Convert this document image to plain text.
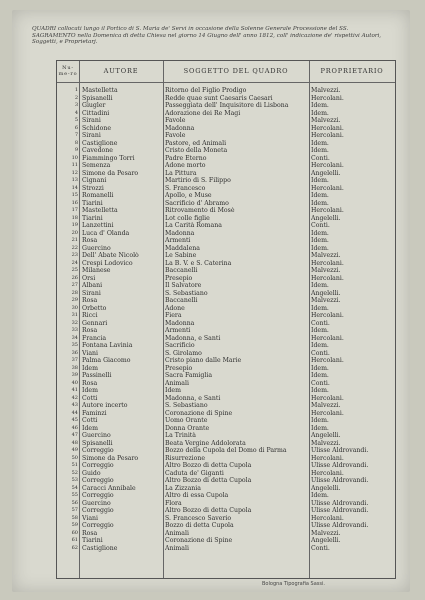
QUADRI collocati lungo il Portico di S. Maria de' Servi in occasione della Solenne Generale Processione del SS. SAGRAMENTO nella Domenica di detta Chiesa nel giorno 14 Giugno dell' anno 1812, coll' indicazione de' rispettivi Autori, Soggetti, e Proprietarj.

Nu-me-ro	AUTORE	SOGGETTO DEL QUADRO	PROPRIETARIO
1 Mastelletta	Ritorno del Figlio Prodigo	Malvezzi.
2 Spisanelli	Redde quae sunt Caesaris Caesari	Hercolani.
3 Giugler	Passeggiata dell' Inquisitore di Lisbona	Idem.
4 Cittadini	Adorazione dei Re Magi	Idem.
5 Sirani	Favole	Malvezzi.
6 Schidone	Madonna	Hercolani.
7 Sirani	Favole	Hercolani.
8 Castiglione	Pastore, ed Animali	Idem.
9 Cavedone	Cristo della Moneta	Idem.
10 Fiammingo Torri	Padre Eterno	Conti.
11 Semenza	Adone morto	Hercolani.
12 Simone da Pesaro	La Pittura	Angelelli.
13 Cignani	Martirio di S. Filippo	Idem.
14 Strozzi	S. Francesco	Hercolani.
15 Romanelli	Apollo, e Muse	Idem.
16 Tiarini	Sacrificio d' Abramo	Idem.
17 Mastelletta	Ritrovamento di Mosè	Hercolani.
18 Tiarini	Lot colle figlie	Angelelli.
19 Lanzettini	La Carità Romana	Conti.
20 Luca d' Olanda	Madonna	Idem.
21 Rosa	Armenti	Idem.
22 Guercino	Maddalena	Idem.
23 Dell' Abate Nicolò	Le Sabine	Malvezzi.
24 Crespi Lodovico	La B. V. e S. Caterina	Hercolani.
25 Milanese	Baccanelli	Malvezzi.
26 Orsi	Presepio	Hercolani.
27 Albani	Il Salvatore	Idem.
28 Sirani	S. Sebastiano	Angelelli.
29 Rosa	Baccanelli	Malvezzi.
30 Orbetto	Adone	Idem.
31 Ricci	Fiera	Hercolani.
32 Gennari	Madonna	Conti.
33 Rosa	Armenti	Idem.
34 Francia	Madonna, e Santi	Hercolani.
35 Fontana Lavinia	Sacrificio	Idem.
36 Viani	S. Girolamo	Conti.
37 Palma Giacomo	Cristo piano dalle Marie	Hercolani.
38 Idem	Presepio	Idem.
39 Passinelli	Sacra Famiglia	Idem.
40 Rosa	Animali	Conti.
41 Idem	Idem	Idem.
42 Cotti	Madonna, e Santi	Hercolani.
43 Autore incerto	S. Sebastiano	Malvezzi.
44 Faminzi	Coronazione di Spine	Hercolani.
45 Cotti	Uomo Orante	Idem.
46 Idem	Donna Orante	Idem.
47 Guercino	La Trinità	Angelelli.
48 Spisanelli	Beata Vergine Addolorata	Malvezzi.
49 Correggio	Bozzo della Cupola del Domo di Parma	Ulisse Aldrovandi.
50 Simone da Pesaro	Risurrezione	Hercolani.
51 Correggio	Altro Bozzo di detta Cupola	Ulisse Aldrovandi.
52 Guido	Caduta de' Giganti	Hercolani.
53 Correggio	Altro Bozzo di detta Cupola	Ulisse Aldrovandi.
54 Caracci Annibale	La Zizzania	Angelelli.
55 Correggio	Altro di essa Cupola	Idem.
56 Guercino	Flora	Ulisse Aldrovandi.
57 Correggio	Altro Bozzo di detta Cupola	Ulisse Aldrovandi.
58 Viani	S. Francesco Saverio	Hercolani.
59 Correggio	Bozzo di detta Cupola	Ulisse Aldrovandi.
60 Rosa	Animali	Malvezzi.
61 Tiarini	Coronazione di Spine	Angelelli.
62 Castiglione	Animali	Conti.
Bologna Tipografia Sassi.
